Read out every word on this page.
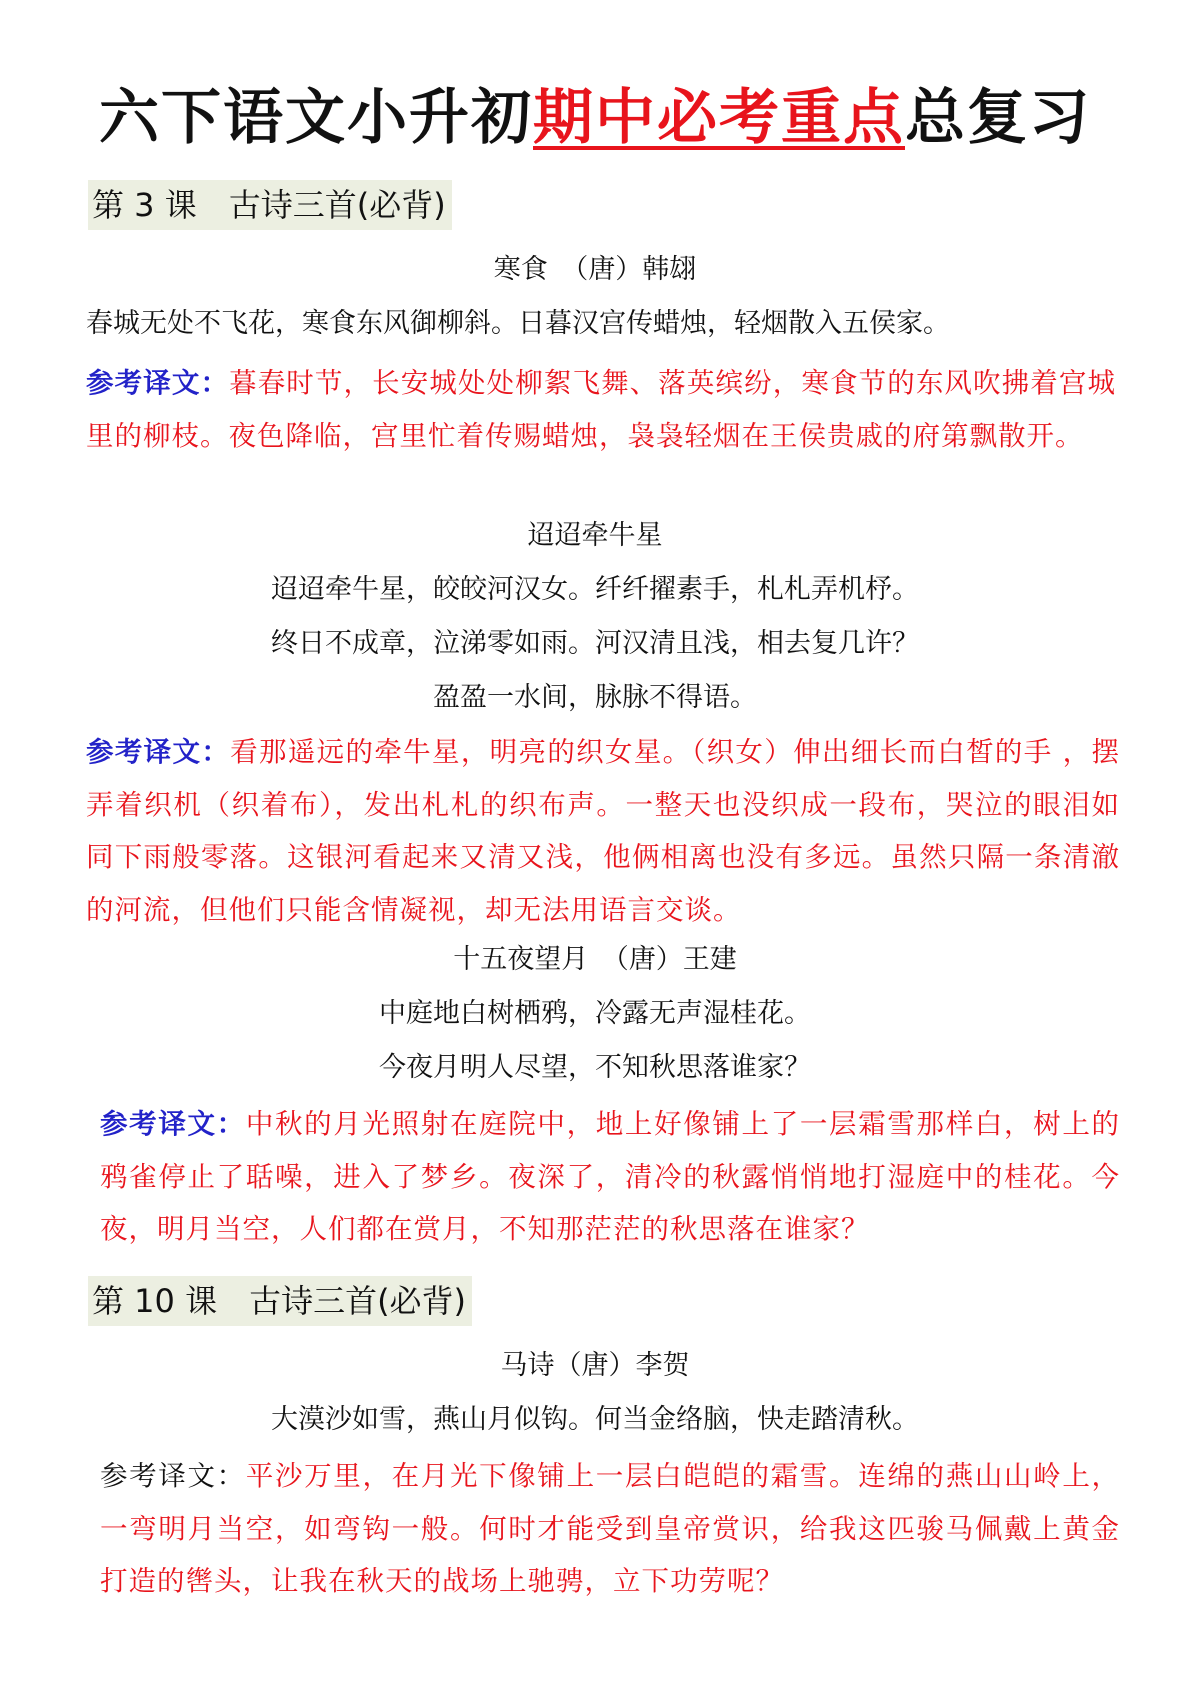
六下语文小升初期中必考重点总复习
第 3 课　古诗三首(必背)
寒食　（唐）韩翃
春城无处不飞花，寒食东风御柳斜。日暮汉宫传蜡烛，轻烟散入五侯家。
参考译文：暮春时节，长安城处处柳絮飞舞、落英缤纷，寒食节的东风吹拂着宫城里的柳枝。夜色降临，宫里忙着传赐蜡烛，袅袅轻烟在王侯贵戚的府第飘散开。
迢迢牵牛星
迢迢牵牛星，皎皎河汉女。纤纤擢素手，札札弄机杼。
终日不成章，泣涕零如雨。河汉清且浅，相去复几许？
盈盈一水间，脉脉不得语。
参考译文：看那遥远的牵牛星，明亮的织女星。（织女）伸出细长而白皙的手 ，摆弄着织机（织着布），发出札札的织布声。一整天也没织成一段布，哭泣的眼泪如同下雨般零落。这银河看起来又清又浅，他俩相离也没有多远。虽然只隔一条清澈的河流，但他们只能含情凝视，却无法用语言交谈。
十五夜望月　（唐）王建
中庭地白树栖鸦，冷露无声湿桂花。
今夜月明人尽望，不知秋思落谁家？
参考译文：中秋的月光照射在庭院中，地上好像铺上了一层霜雪那样白，树上的鸦雀停止了聒噪，进入了梦乡。夜深了，清冷的秋露悄悄地打湿庭中的桂花。今夜，明月当空，人们都在赏月，不知那茫茫的秋思落在谁家？
第 10 课　古诗三首(必背)
马诗（唐）李贺
大漠沙如雪，燕山月似钩。何当金络脑，快走踏清秋。
参考译文：平沙万里，在月光下像铺上一层白皑皑的霜雪。连绵的燕山山岭上，一弯明月当空，如弯钩一般。何时才能受到皇帝赏识，给我这匹骏马佩戴上黄金打造的辔头，让我在秋天的战场上驰骋，立下功劳呢？
